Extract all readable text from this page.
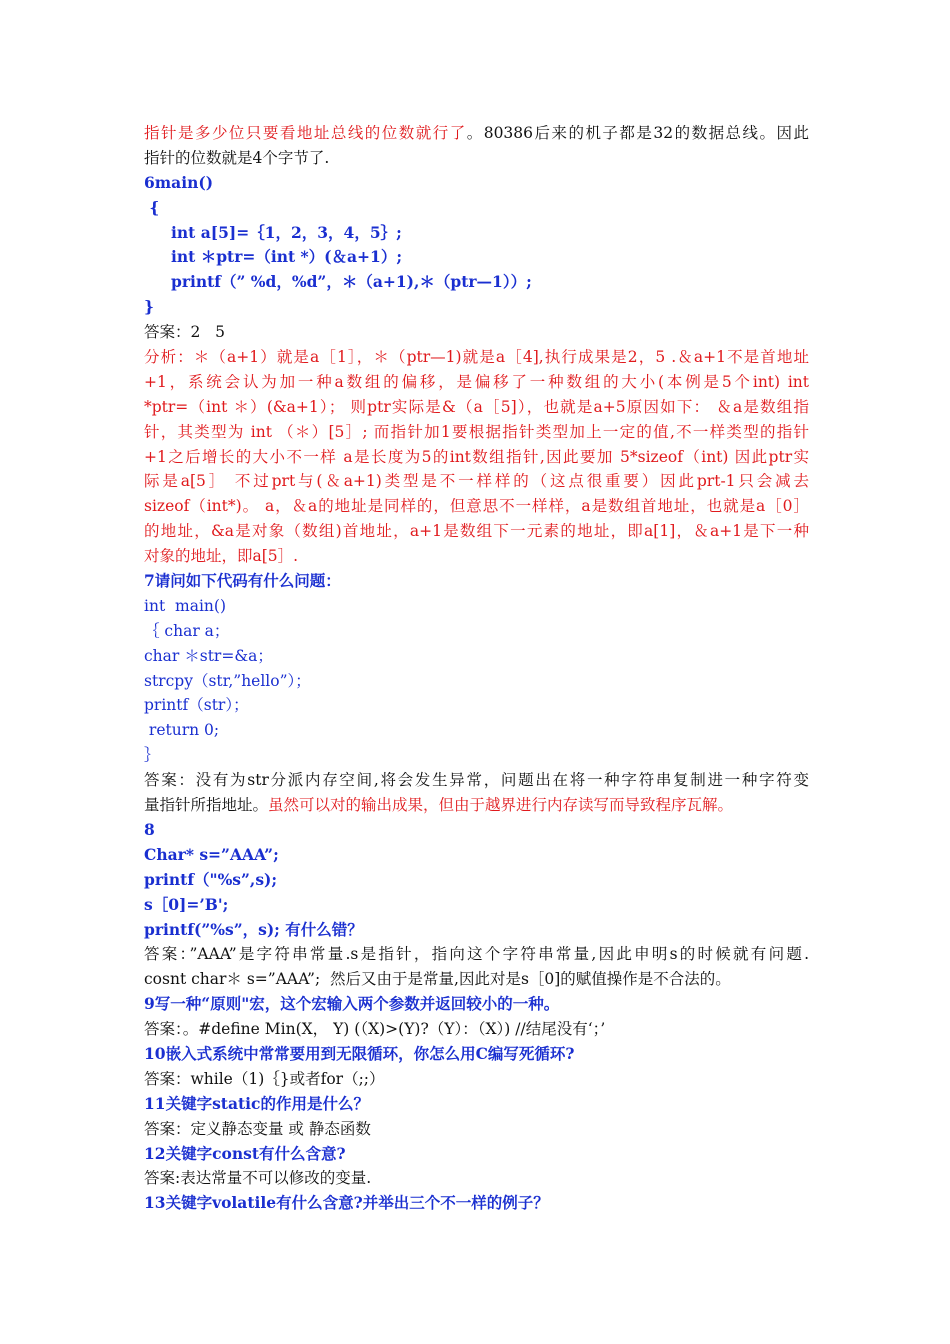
指针是多少位只要看地址总线的位数就行了。80386后来的机子都是32的数据总线。因此
指针的位数就是4个字节了.
6main()
{
int a[5]=｛1，2，3，4，5｝;
int ＊ptr=（int *）(＆a+1）;
printf（” %d，%d”，＊（a+1),＊（ptr—1））;
}
答案：2   5
分析：＊（a+1）就是a［1］，＊（ptr—1)就是a［4],执行成果是2，5 .＆a+1不是首地址
+1，系统会认为加一种a数组的偏移，是偏移了一种数组的大小(本例是5个int) int
*ptr=（int ＊）(&a+1）； 则ptr实际是&（a［5]），也就是a+5原因如下： ＆a是数组指
针，其类型为 int （＊）[5］; 而指针加1要根据指针类型加上一定的值,不一样类型的指针
+1之后增长的大小不一样 a是长度为5的int数组指针,因此要加 5*sizeof（int) 因此ptr实
际是a[5］ 不过prt与(＆a+1)类型是不一样样的（这点很重要）因此prt-1只会减去
sizeof（int*)。 a，＆a的地址是同样的，但意思不一样样，a是数组首地址，也就是a［0］
的地址，&a是对象（数组)首地址，a+1是数组下一元素的地址，即a[1]，＆a+1是下一种
对象的地址，即a[5］.
7请问如下代码有什么问题：
int  main()
｛ char a；
char ＊str=&a；
strcpy（str,”hello”）；
printf（str）；
return 0;
｝
答案：没有为str分派内存空间,将会发生异常，问题出在将一种字符串复制进一种字符变
量指针所指地址。虽然可以对的输出成果，但由于越界进行内存读写而导致程序瓦解。
8
Char* s=”AAA”;
printf（"%s”,s);
s［0]=’B';
printf(”%s”，s); 有什么错？
答案：”AAA”是字符串常量.s是指针，指向这个字符串常量,因此申明s的时候就有问题.
cosnt char＊ s=”AAA”;  然后又由于是常量,因此对是s［0]的赋值操作是不合法的。
9写一种“原则"宏，这个宏输入两个参数并返回较小的一种。
答案：。#define Min(X， Y) (（X)>(Y)?（Y）：（X）) //结尾没有‘；’
10嵌入式系统中常常要用到无限循环，你怎么用C编写死循环?
答案：while（1)｛}或者for（;;）
11关键字static的作用是什么？
答案：定义静态变量 或 静态函数
12关键字const有什么含意?
答案:表达常量不可以修改的变量.
13关键字volatile有什么含意?并举出三个不一样的例子？
